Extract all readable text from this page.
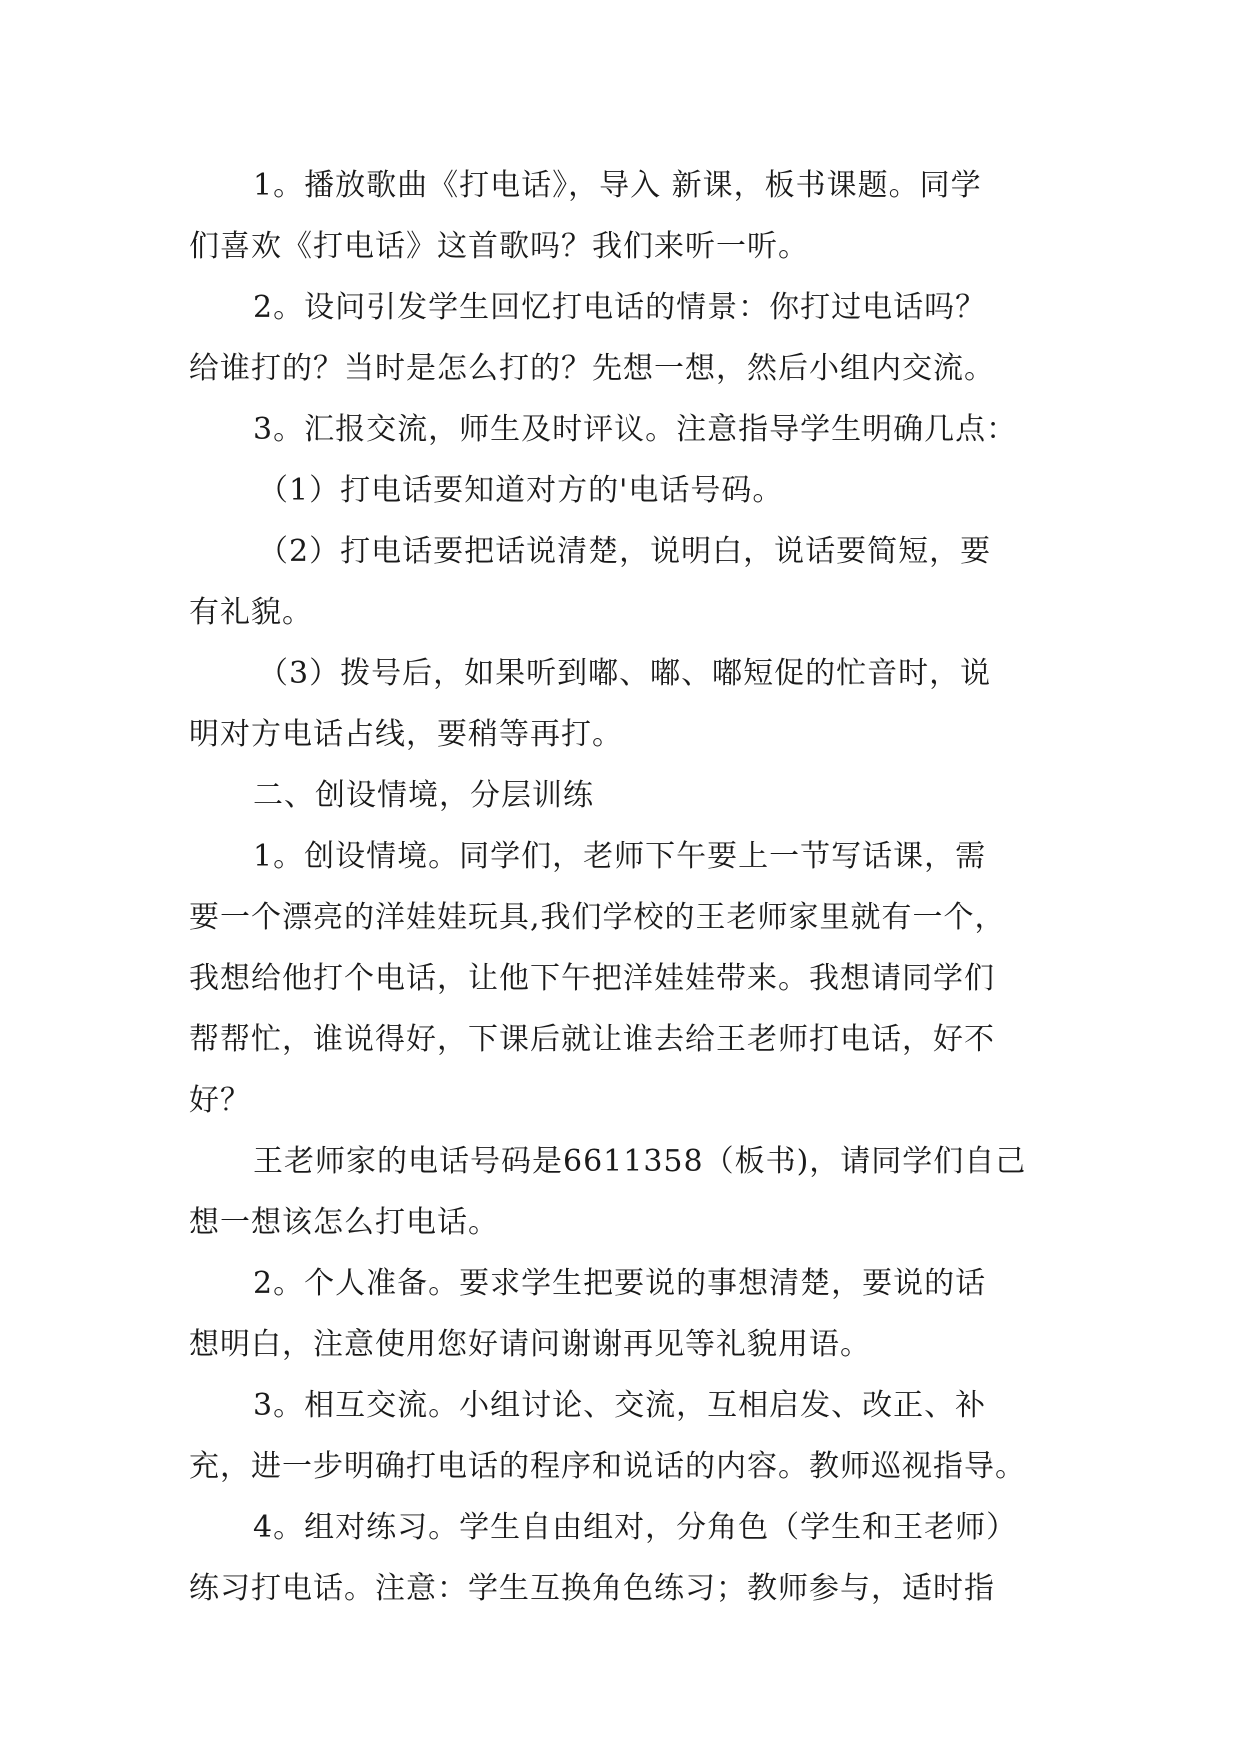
1。播放歌曲《打电话》，导入 新课，板书课题。同学
们喜欢《打电话》这首歌吗？我们来听一听。
2。设问引发学生回忆打电话的情景：你打过电话吗？
给谁打的？当时是怎么打的？先想一想，然后小组内交流。
3。汇报交流，师生及时评议。注意指导学生明确几点：
（1）打电话要知道对方的'电话号码。
（2）打电话要把话说清楚，说明白，说话要简短，要
有礼貌。
（3）拨号后，如果听到嘟、嘟、嘟短促的忙音时，说
明对方电话占线，要稍等再打。
二、创设情境，分层训练
1。创设情境。同学们，老师下午要上一节写话课，需
要一个漂亮的洋娃娃玩具,我们学校的王老师家里就有一个，
我想给他打个电话，让他下午把洋娃娃带来。我想请同学们
帮帮忙，谁说得好，下课后就让谁去给王老师打电话，好不
好？
王老师家的电话号码是6611358（板书)，请同学们自己
想一想该怎么打电话。
2。个人准备。要求学生把要说的事想清楚，要说的话
想明白，注意使用您好请问谢谢再见等礼貌用语。
3。相互交流。小组讨论、交流，互相启发、改正、补
充，进一步明确打电话的程序和说话的内容。教师巡视指导。
4。组对练习。学生自由组对，分角色（学生和王老师）
练习打电话。注意：学生互换角色练习；教师参与，适时指
